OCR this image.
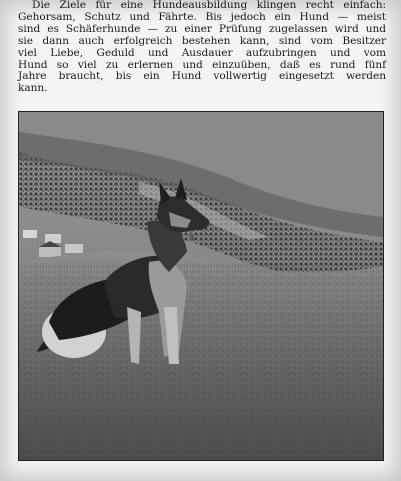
Die Ziele für eine Hundeausbildung klingen recht einfach:
Gehorsam, Schutz und Fährte. Bis jedoch ein Hund — meist
sind es Schäferhunde — zu einer Prüfung zugelassen wird und
sie dann auch erfolgreich bestehen kann, sind vom Besitzer
viel Liebe, Geduld und Ausdauer aufzubringen und vom
Hund so viel zu erlernen und einzuüben, daß es rund fünf
Jahre braucht, bis ein Hund vollwertig eingesetzt werden
kann.
